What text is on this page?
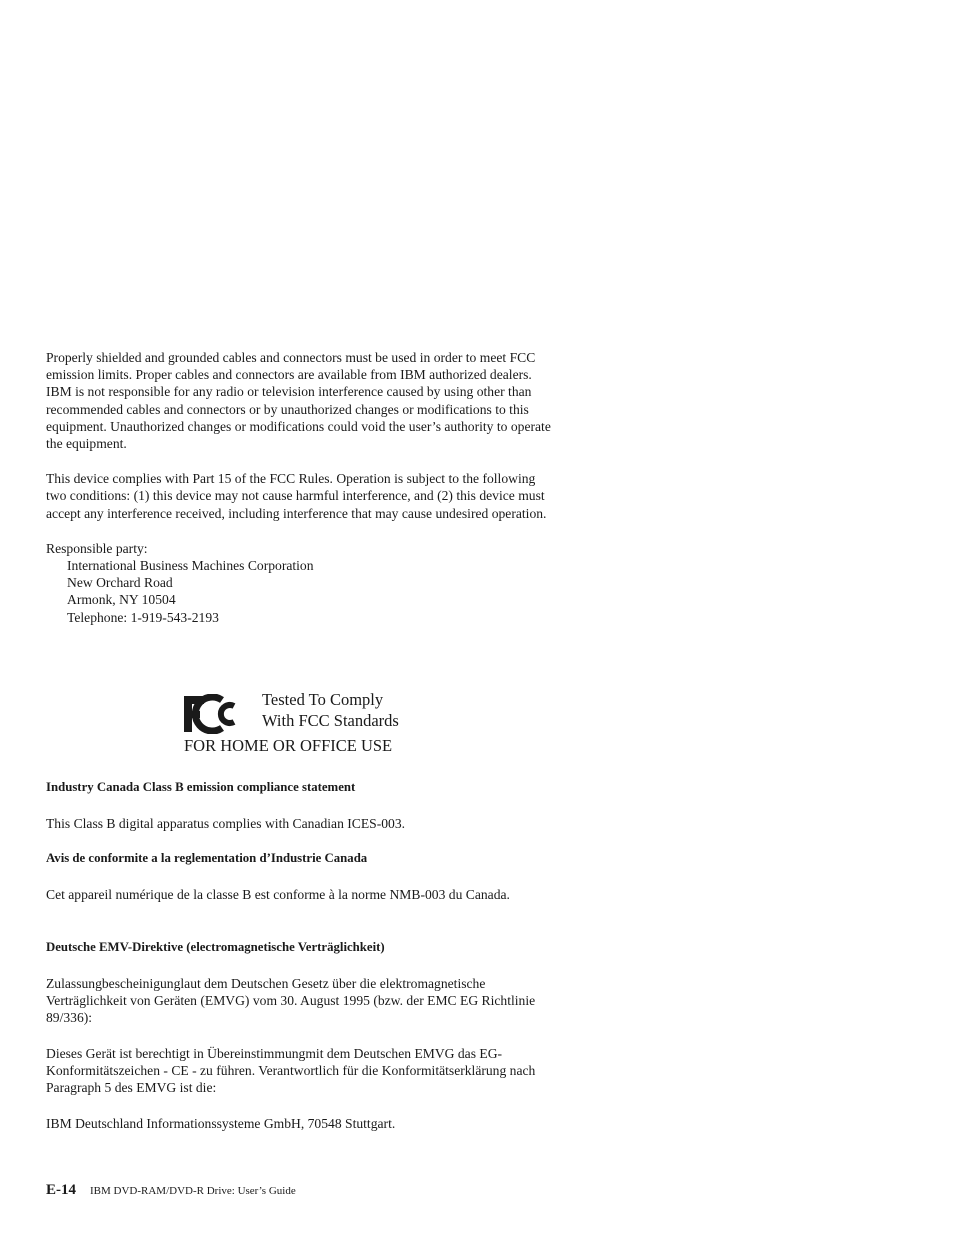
Properly shielded and grounded cables and connectors must be used in order to meet FCC emission limits. Proper cables and connectors are available from IBM authorized dealers. IBM is not responsible for any radio or television interference caused by using other than recommended cables and connectors or by unauthorized changes or modifications to this equipment. Unauthorized changes or modifications could void the user’s authority to operate the equipment.

This device complies with Part 15 of the FCC Rules. Operation is subject to the following two conditions: (1) this device may not cause harmful interference, and (2) this device must accept any interference received, including interference that may cause undesired operation.

Responsible party:

International Business Machines Corporation

New Orchard Road

Armonk, NY 10504

Telephone: 1-919-543-2193

Tested To Comply
With FCC Standards
FOR HOME OR OFFICE USE

Industry Canada Class B emission compliance statement

This Class B digital apparatus complies with Canadian ICES-003.

Avis de conformite a la reglementation d’Industrie Canada

Cet appareil numérique de la classe B est conforme à la norme NMB-003 du Canada.

Deutsche EMV-Direktive (electromagnetische Verträglichkeit)

Zulassungbescheinigunglaut dem Deutschen Gesetz über die elektromagnetische Verträglichkeit von Geräten (EMVG) vom 30. August 1995 (bzw. der EMC EG Richtlinie 89/336):

Dieses Gerät ist berechtigt in Übereinstimmungmit dem Deutschen EMVG das EG-Konformitätszeichen - CE - zu führen. Verantwortlich für die Konformitätserklärung nach Paragraph 5 des EMVG ist die:

IBM Deutschland Informationssysteme GmbH, 70548 Stuttgart.

E-14 IBM DVD-RAM/DVD-R Drive: User’s Guide
